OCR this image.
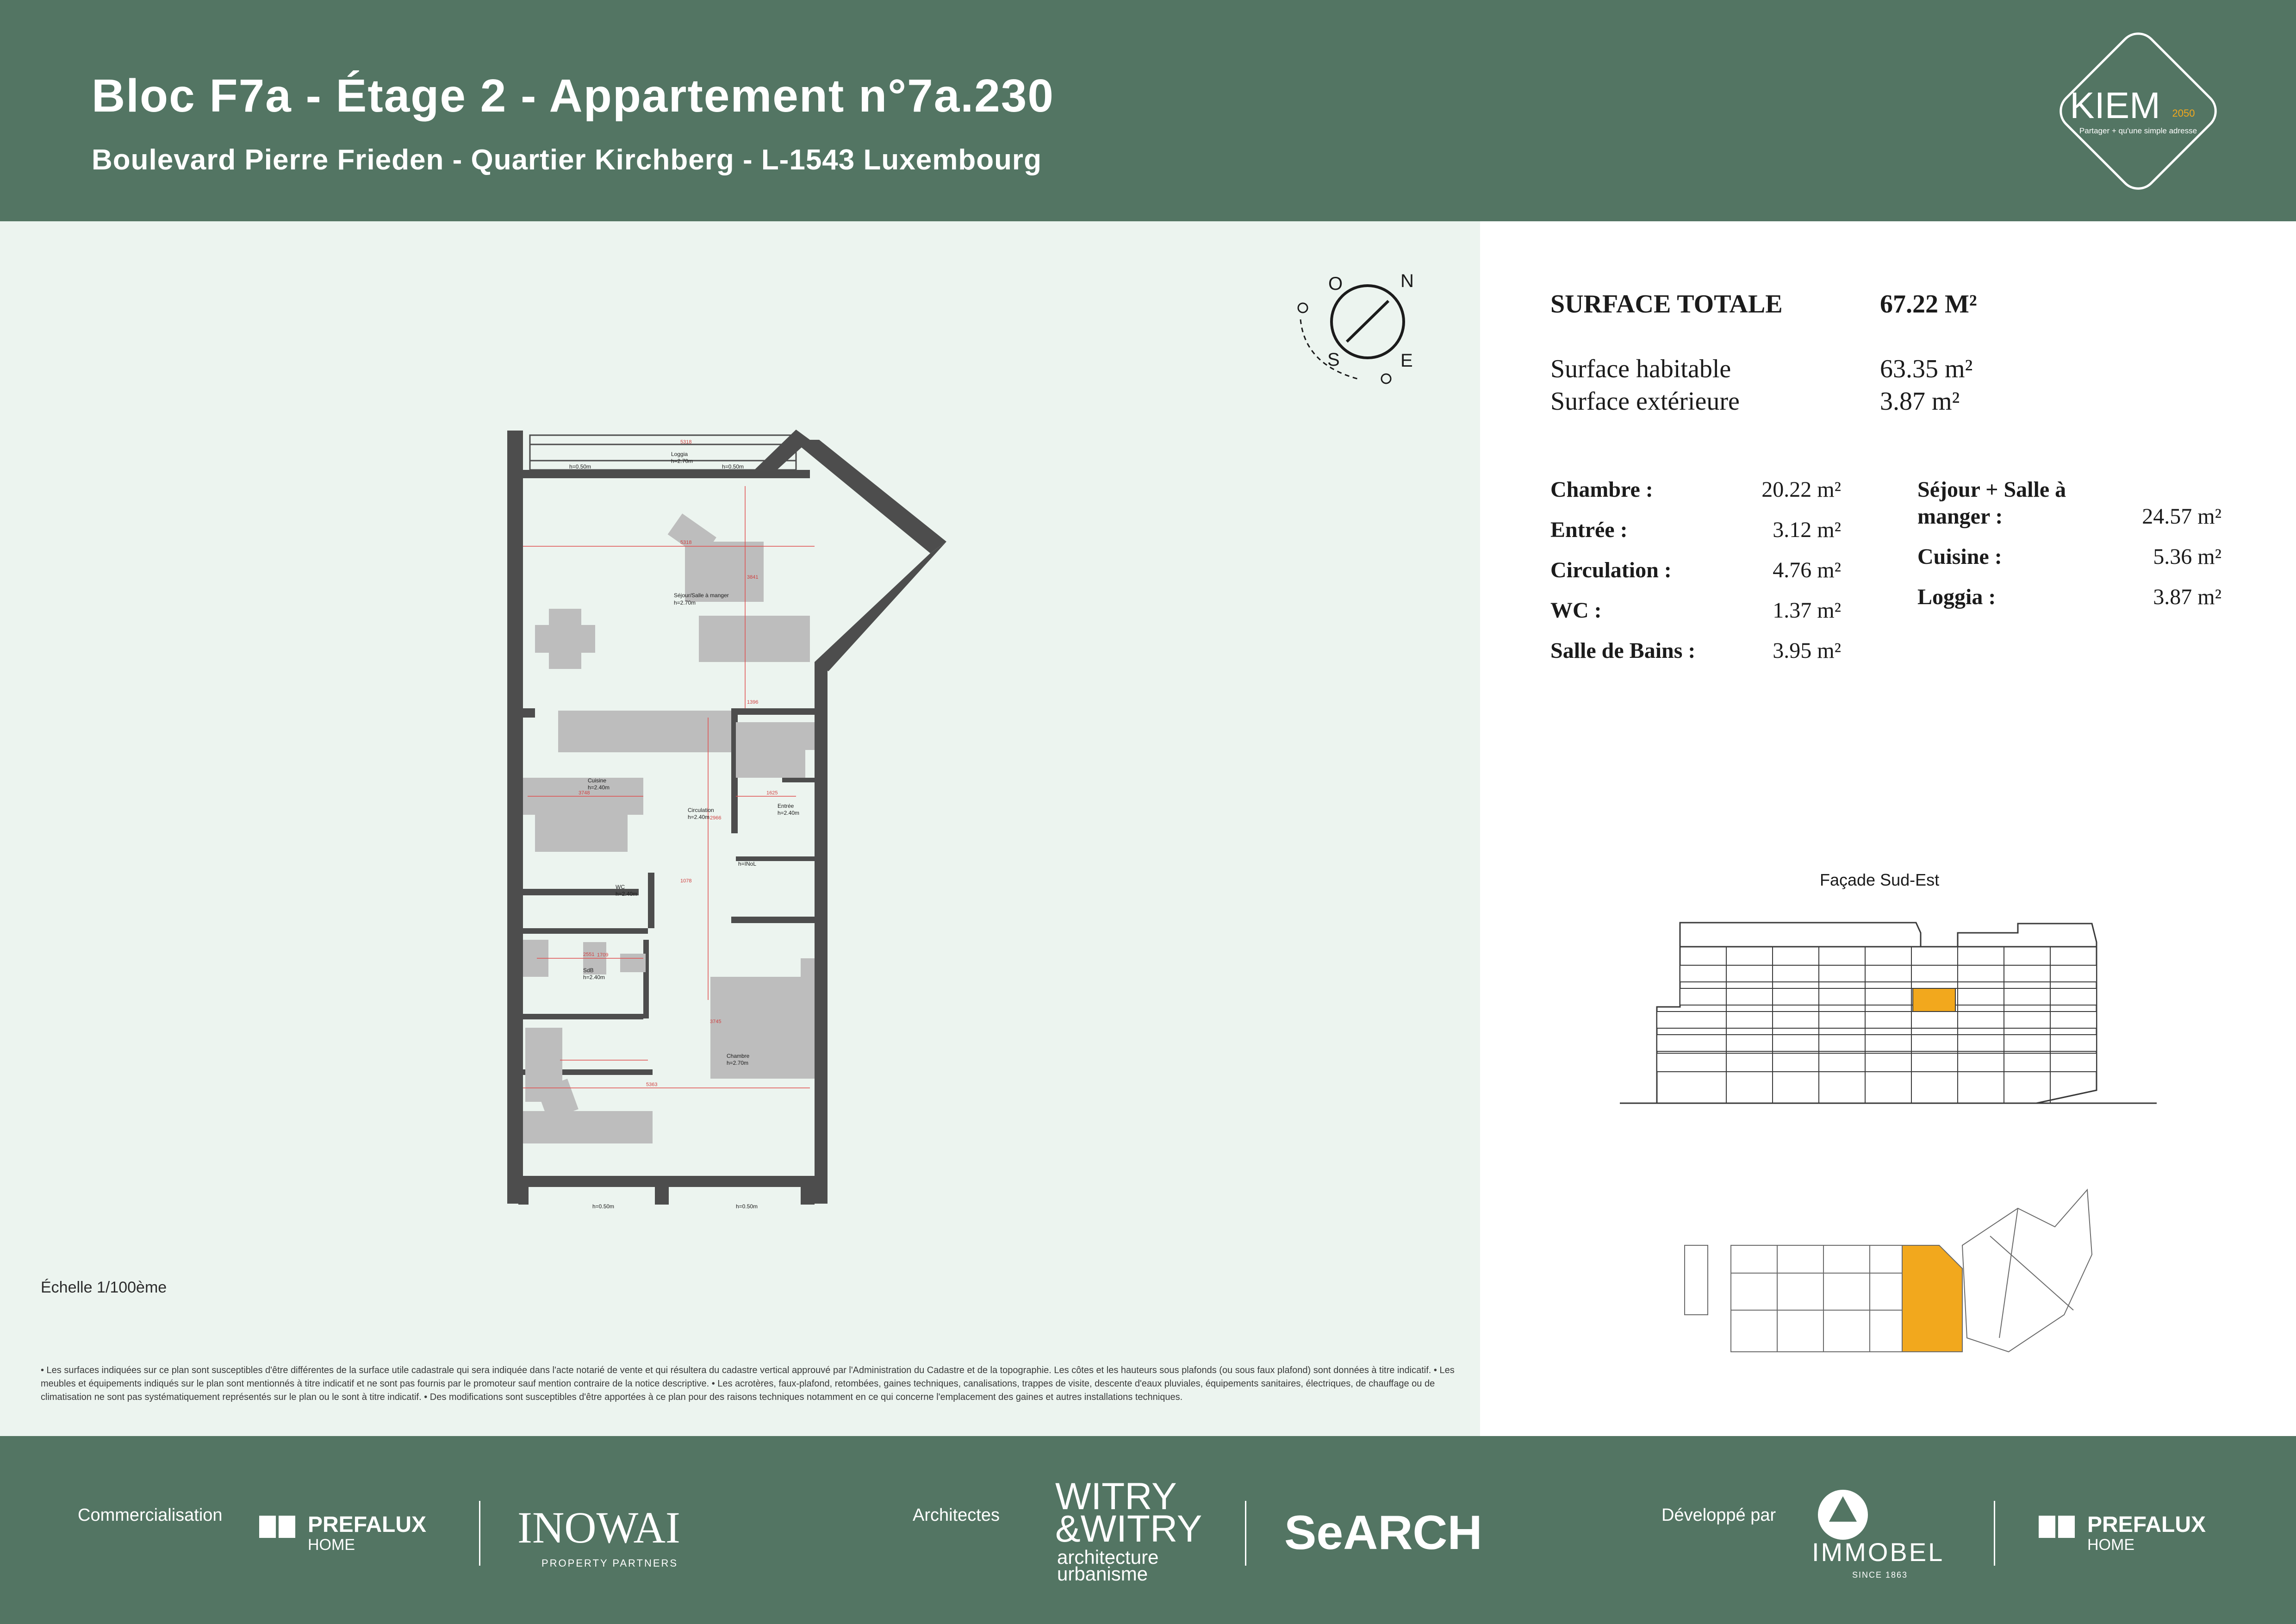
Bloc F7a - Étage 2 - Appartement n°7a.230
Boulevard Pierre Frieden - Quartier Kirchberg - L-1543 Luxembourg
KIEM 2050
Partager + qu'une simple adresse
O	N
S	E
Loggia
h=2.70m
Séjour/Salle à manger
h=2.70m
Cuisine
h=2.40m
Circulation
h=2.40m
Entrée
h=2.40m
WC
h=2.40m
SdB
h=2.40m
Chambre
h=2.70m
h=INoL
h=0.50m	h=0.50m
h=0.50m	h=0.50m
5318
5318
3841
1396
3748
2966
1625
1078
1709
2551
5363
3745
Échelle 1/100ème
• Les surfaces indiquées sur ce plan sont susceptibles d'être différentes de la surface utile cadastrale qui sera indiquée dans l'acte notarié de vente et qui résultera du cadastre vertical approuvé par l'Administration du Cadastre et de la topographie. Les côtes et les hauteurs sous plafonds (ou sous faux plafond) sont données à titre indicatif. • Les meubles et équipements indiqués sur le plan sont mentionnés à titre indicatif et ne sont pas fournis par le promoteur sauf mention contraire de la notice descriptive. • Les acrotères, faux-plafond, retombées, gaines techniques, canalisations, trappes de visite, descente d'eaux pluviales, équipements sanitaires, électriques, de chauffage ou de climatisation ne sont pas systématiquement représentés sur le plan ou le sont à titre indicatif. • Des modifications sont susceptibles d'être apportées à ce plan pour des raisons techniques notamment en ce qui concerne l'emplacement des gaines et autres installations techniques.
SURFACE TOTALE	67.22 M²
Surface habitable	63.35 m²
Surface extérieure	3.87 m²
Chambre :	20.22 m²
Entrée :	3.12 m²
Circulation :	4.76 m²
WC :	1.37 m²
Salle de Bains :	3.95 m²
Séjour + Salle à
manger :	24.57 m²
Cuisine :	5.36 m²
Loggia :	3.87 m²
Façade Sud-Est
Commercialisation	PREFALUX
HOME	INOWAI
PROPERTY PARTNERS
Architectes WITRY
&WITRY
architecture
urbanisme
SeARCH	Développé par
IMMOBEL
SINCE 1863
PREFALUX
HOME
